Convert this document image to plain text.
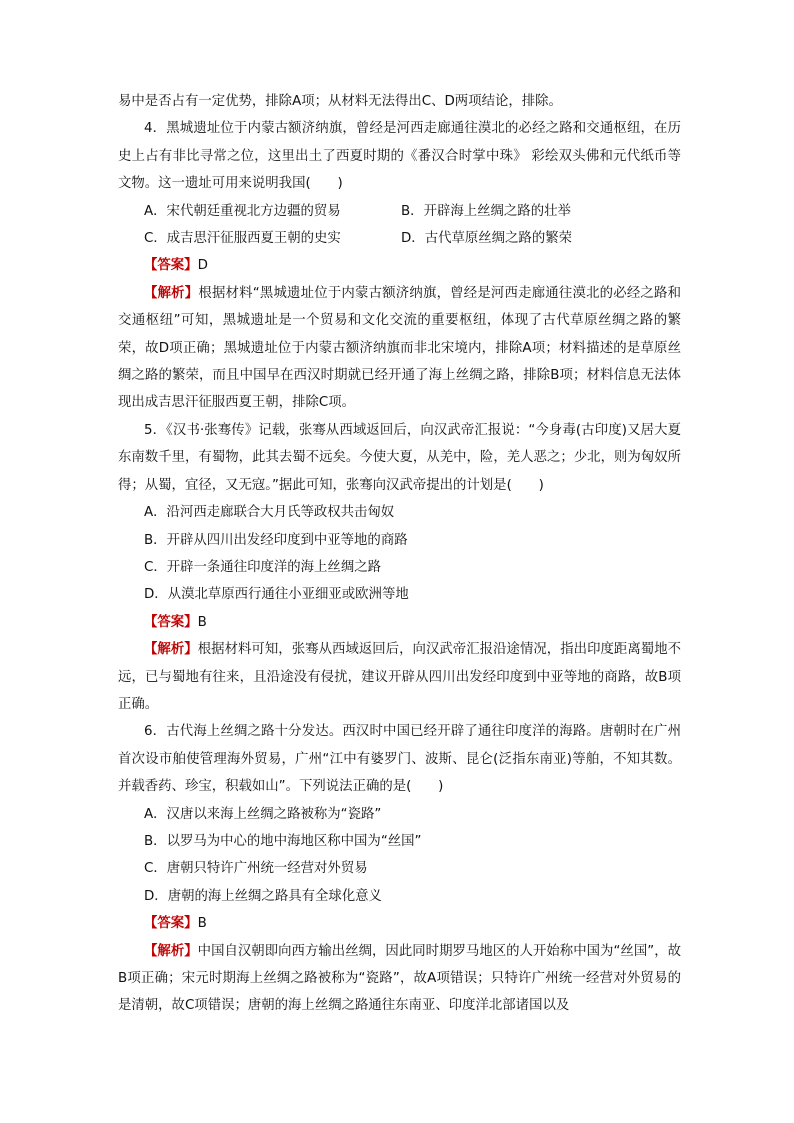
易中是否占有一定优势，排除A项；从材料无法得出C、D两项结论，排除。

4．黑城遗址位于内蒙古额济纳旗，曾经是河西走廊通往漠北的必经之路和交通枢纽，在历史上占有非比寻常之位，这里出土了西夏时期的《番汉合时掌中珠》 彩绘双头佛和元代纸币等文物。这一遗址可用来说明我国(　　)

A．宋代朝廷重视北方边疆的贸易	B．开辟海上丝绸之路的壮举
C．成吉思汗征服西夏王朝的史实	D．古代草原丝绸之路的繁荣
【答案】D

【解析】根据材料“黑城遗址位于内蒙古额济纳旗，曾经是河西走廊通往漠北的必经之路和交通枢纽”可知，黑城遗址是一个贸易和文化交流的重要枢纽，体现了古代草原丝绸之路的繁荣，故D项正确；黑城遗址位于内蒙古额济纳旗而非北宋境内，排除A项；材料描述的是草原丝绸之路的繁荣，而且中国早在西汉时期就已经开通了海上丝绸之路，排除B项；材料信息无法体现出成吉思汗征服西夏王朝，排除C项。

5．《汉书·张骞传》记载，张骞从西域返回后，向汉武帝汇报说：“今身毒(古印度)又居大夏东南数千里，有蜀物，此其去蜀不远矣。今使大夏，从羌中，险，羌人恶之；少北，则为匈奴所得；从蜀，宜径，又无寇。”据此可知，张骞向汉武帝提出的计划是(　　)

A．沿河西走廊联合大月氏等政权共击匈奴
B．开辟从四川出发经印度到中亚等地的商路
C．开辟一条通往印度洋的海上丝绸之路
D．从漠北草原西行通往小亚细亚或欧洲等地
【答案】B

【解析】根据材料可知，张骞从西域返回后，向汉武帝汇报沿途情况，指出印度距离蜀地不远，已与蜀地有往来，且沿途没有侵扰，建议开辟从四川出发经印度到中亚等地的商路，故B项正确。

6．古代海上丝绸之路十分发达。西汉时中国已经开辟了通往印度洋的海路。唐朝时在广州首次设市舶使管理海外贸易，广州“江中有婆罗门、波斯、昆仑(泛指东南亚)等舶，不知其数。并载香药、珍宝，积载如山”。下列说法正确的是(　　)

A．汉唐以来海上丝绸之路被称为“瓷路”
B．以罗马为中心的地中海地区称中国为“丝国”
C．唐朝只特许广州统一经营对外贸易
D．唐朝的海上丝绸之路具有全球化意义
【答案】B

【解析】中国自汉朝即向西方输出丝绸，因此同时期罗马地区的人开始称中国为“丝国”，故B项正确；宋元时期海上丝绸之路被称为“瓷路”，故A项错误；只特许广州统一经营对外贸易的是清朝，故C项错误；唐朝的海上丝绸之路通往东南亚、印度洋北部诸国以及
